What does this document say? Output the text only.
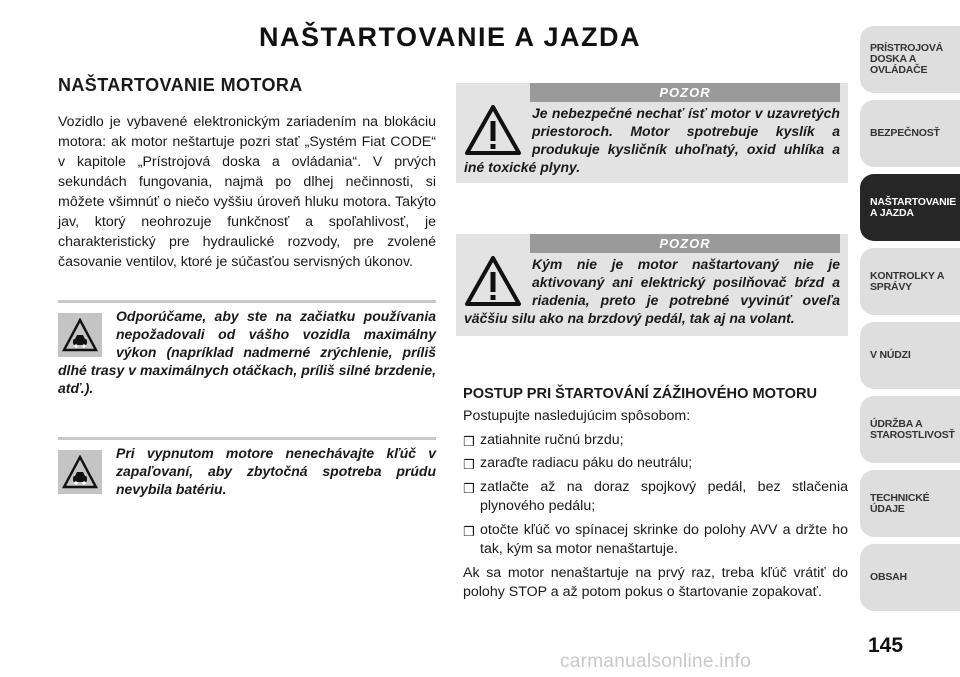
NAŠTARTOVANIE A JAZDA
NAŠTARTOVANIE MOTORA

Vozidlo je vybavené elektronickým zariadením na blokáciu motora: ak motor neštartuje pozri stať „Systém Fiat CODE“ v kapitole „Prístrojová doska a ovládania“. V prvých sekundách fungovania, najmä po dlhej nečinnosti, si môžete všimnúť o niečo vyššiu úroveň hluku motora. Takýto jav, ktorý neohrozuje funkčnosť a spoľahlivosť, je charakteristický pre hydraulické rozvody, pre zvolené časovanie ventilov, ktoré je súčasťou servisných úkonov.

Odporúčame, aby ste na začiatku používania nepožadovali od vášho vozidla maximálny výkon (napríklad nadmerné zrýchlenie, príliš dlhé trasy v maximálnych otáčkach, príliš silné brzdenie, atď.).
Pri vypnutom motore nenechávajte kľúč v zapaľovaní, aby zbytočná spotreba prúdu nevybila batériu.
POZOR
Je nebezpečné nechať ísť motor v uzavretých priestoroch. Motor spotrebuje kyslík a produkuje kysličník uhoľnatý, oxid uhlíka a iné toxické plyny.
POZOR
Kým nie je motor naštartovaný nie je aktivovaný ani elektrický posilňovač bŕzd a riadenia, preto je potrebné vyvinúť oveľa väčšiu silu ako na brzdový pedál, tak aj na volant.
POSTUP PRI ŠTARTOVÁNÍ ZÁŽIHOVÉHO MOTORU

Postupujte nasledujúcim spôsobom:

❒ zatiahnite ručnú brzdu;
❒ zaraďte radiacu páku do neutrálu;
❒ zatlačte až na doraz spojkový pedál, bez stlačenia plynového pedálu;
❒ otočte kľúč vo spínacej skrinke do polohy AVV a držte ho tak, kým sa motor nenaštartuje.

Ak sa motor nenaštartuje na prvý raz, treba kľúč vrátiť do polohy STOP a až potom pokus o štartovanie zopakovať.

PRÍSTROJOVÁ DOSKA A OVLÁDAČE
BEZPEČNOSŤ
NAŠTARTOVANIE A JAZDA
KONTROLKY A SPRÁVY
V NÚDZI
ÚDRŽBA A STAROSTLIVOSŤ
TECHNICKÉ ÚDAJE
OBSAH
145
carmanualsonline.info
